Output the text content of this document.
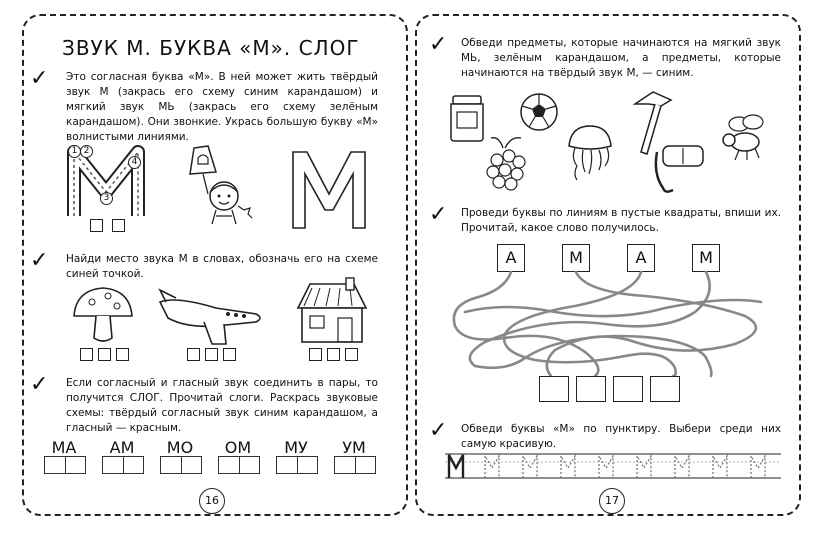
ЗВУК М. БУКВА «М». СЛОГ
✓ Это согласная буква «М». В ней может жить твёрдый звук М (закрась его схему синим карандашом) и мягкий звук МЬ (закрась его схему зелёным карандашом). Они звонкие. Укрась большую букву «М» волнистыми линиями.
1 2
3
4
✓ Найди место звука М в словах, обозначь его на схеме синей точкой.
✓ Если согласный и гласный звук соединить в пары, то получится СЛОГ. Прочитай слоги. Раскрась звуковые схемы: твёрдый согласный звук синим карандашом, а гласный — красным.
МА	АМ	МО	ОМ	МУ	УМ
16
✓ Обведи предметы, которые начинаются на мягкий звук МЬ, зелёным карандашом, а предметы, которые начинаются на твёрдый звук М, — синим.
✓ Проведи буквы по линиям в пустые квадраты, впиши их. Прочитай, какое слово получилось.
А	М	А	М
✓ Обведи буквы «М» по пунктиру. Выбери среди них самую красивую.
17
